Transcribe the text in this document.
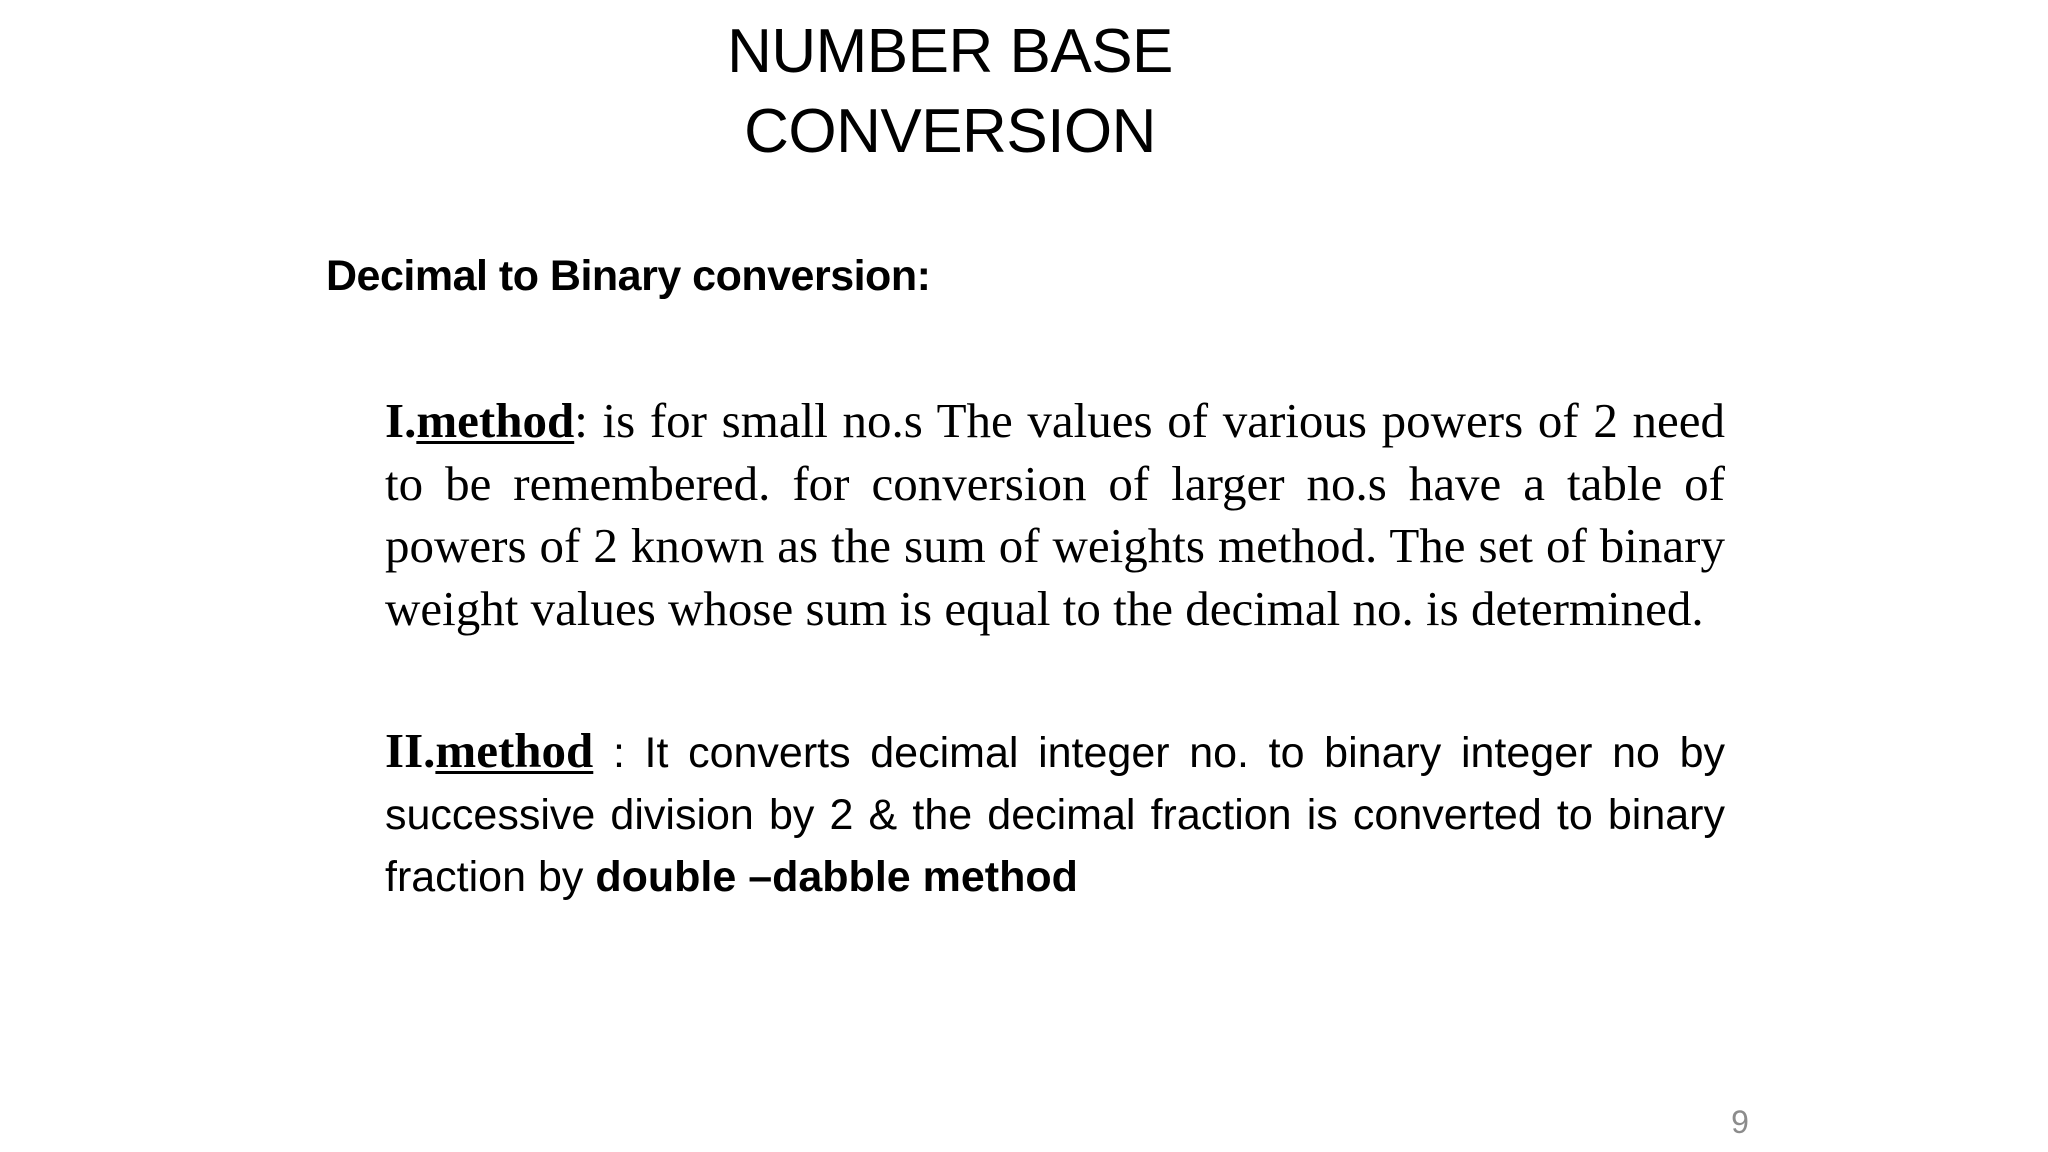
NUMBER BASE CONVERSION

Decimal to Binary conversion:

I.method: is for small no.s The values of various powers of 2 need to be remembered. for conversion of larger no.s have a table of powers of 2 known as the sum of weights method. The set of binary weight values whose sum is equal to the decimal no. is determined.

II.method : It converts decimal integer no. to binary integer no by successive division by 2 & the decimal fraction is converted to binary fraction by double –dabble method

9
